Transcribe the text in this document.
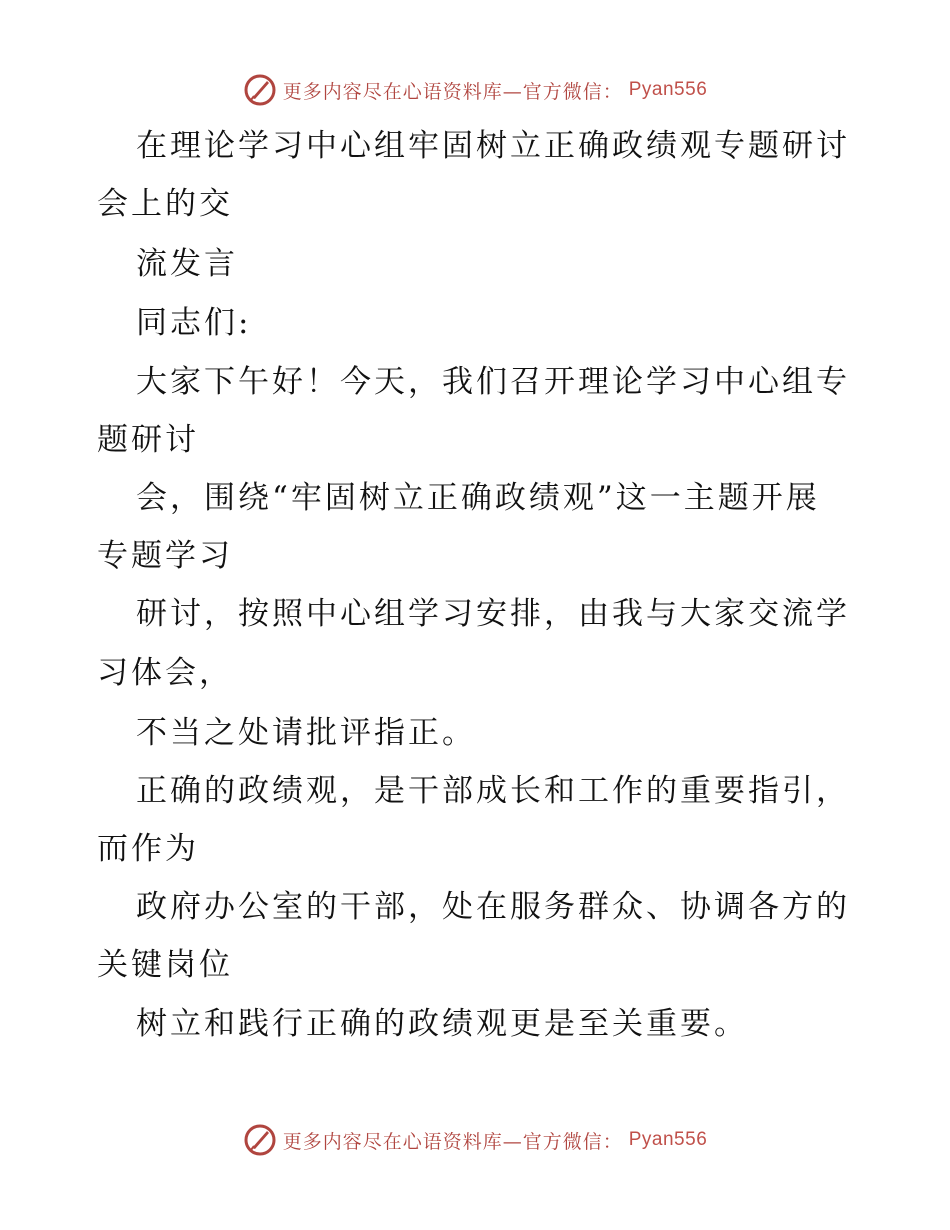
更多内容尽在心语资料库—官方微信： Pyan556
在理论学习中心组牢固树立正确政绩观专题研讨
会上的交
流发言
同志们:
大家下午好！今天，我们召开理论学习中心组专
题研讨
会，围绕“牢固树立正确政绩观”这一主题开展
专题学习
研讨，按照中心组学习安排，由我与大家交流学
习体会，
不当之处请批评指正。
正确的政绩观，是干部成长和工作的重要指引，
而作为
政府办公室的干部，处在服务群众、协调各方的
关键岗位
树立和践行正确的政绩观更是至关重要。
更多内容尽在心语资料库—官方微信： Pyan556
